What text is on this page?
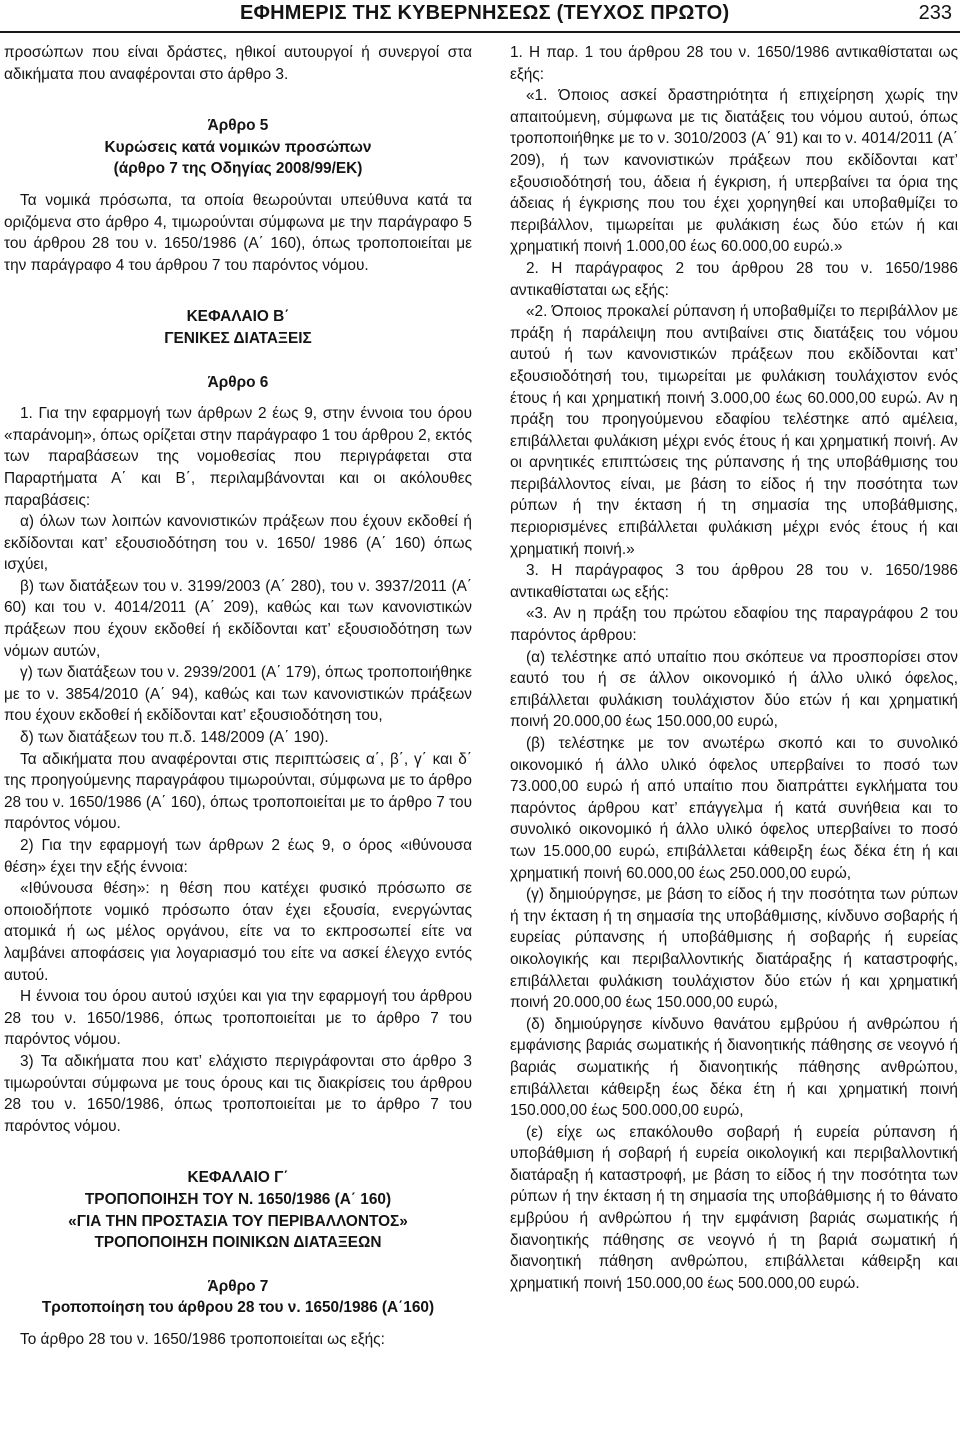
ΕΦΗΜΕΡΙΣ ΤΗΣ ΚΥΒΕΡΝΗΣΕΩΣ (ΤΕΥΧΟΣ ΠΡΩΤΟ)	233

προσώπων που είναι δράστες, ηθικοί αυτουργοί ή συνεργοί στα αδικήματα που αναφέρονται στο άρθρο 3.

Άρθρο 5

Κυρώσεις κατά νομικών προσώπων

(άρθρο 7 της Οδηγίας 2008/99/ΕΚ)

Τα νομικά πρόσωπα, τα οποία θεωρούνται υπεύθυνα κατά τα οριζόμενα στο άρθρο 4, τιμωρούνται σύμφωνα με την παράγραφο 5 του άρθρου 28 του ν. 1650/1986 (Α΄ 160), όπως τροποποιείται με την παράγραφο 4 του άρθρου 7 του παρόντος νόμου.

ΚΕΦΑΛΑΙΟ Β΄

ΓΕΝΙΚΕΣ ΔΙΑΤΑΞΕΙΣ

Άρθρο 6

1. Για την εφαρμογή των άρθρων 2 έως 9, στην έννοια του όρου «παράνομη», όπως ορίζεται στην παράγραφο 1 του άρθρου 2, εκτός των παραβάσεων της νομοθεσίας που περιγράφεται στα Παραρτήματα Α΄ και Β΄, περιλαμβάνονται και οι ακόλουθες παραβάσεις:

α) όλων των λοιπών κανονιστικών πράξεων που έχουν εκδοθεί ή εκδίδονται κατ’ εξουσιοδότηση του ν. 1650/ 1986 (Α΄ 160) όπως ισχύει,

β) των διατάξεων του ν. 3199/2003 (Α΄ 280), του ν. 3937/2011 (Α΄ 60) και του ν. 4014/2011 (Α΄ 209), καθώς και των κανονιστικών πράξεων που έχουν εκδοθεί ή εκδίδονται κατ’ εξουσιοδότηση των νόμων αυτών,

γ) των διατάξεων του ν. 2939/2001 (Α΄ 179), όπως τροποποιήθηκε με το ν. 3854/2010 (Α΄ 94), καθώς και των κανονιστικών πράξεων που έχουν εκδοθεί ή εκδίδονται κατ’ εξουσιοδότηση του,

δ) των διατάξεων του π.δ. 148/2009 (Α΄ 190).

Τα αδικήματα που αναφέρονται στις περιπτώσεις α΄, β΄, γ΄ και δ΄ της προηγούμενης παραγράφου τιμωρούνται, σύμφωνα με το άρθρο 28 του ν. 1650/1986 (Α΄ 160), όπως τροποποιείται με το άρθρο 7 του παρόντος νόμου.

2) Για την εφαρμογή των άρθρων 2 έως 9, ο όρος «ιθύνουσα θέση» έχει την εξής έννοια:

«Ιθύνουσα θέση»: η θέση που κατέχει φυσικό πρόσωπο σε οποιοδήποτε νομικό πρόσωπο όταν έχει εξουσία, ενεργώντας ατομικά ή ως μέλος οργάνου, είτε να το εκπροσωπεί είτε να λαμβάνει αποφάσεις για λογαριασμό του είτε να ασκεί έλεγχο εντός αυτού.

Η έννοια του όρου αυτού ισχύει και για την εφαρμογή του άρθρου 28 του ν. 1650/1986, όπως τροποποιείται με το άρθρο 7 του παρόντος νόμου.

3) Τα αδικήματα που κατ’ ελάχιστο περιγράφονται στο άρθρο 3 τιμωρούνται σύμφωνα με τους όρους και τις διακρίσεις του άρθρου 28 του ν. 1650/1986, όπως τροποποιείται με το άρθρο 7 του παρόντος νόμου.

ΚΕΦΑΛΑΙΟ Γ΄

ΤΡΟΠΟΠΟΙΗΣΗ ΤΟΥ Ν. 1650/1986 (Α΄ 160)

«ΓΙΑ ΤΗΝ ΠΡΟΣΤΑΣΙΑ ΤΟΥ ΠΕΡΙΒΑΛΛΟΝΤΟΣ»

ΤΡΟΠΟΠΟΙΗΣΗ ΠΟΙΝΙΚΩΝ ΔΙΑΤΑΞΕΩΝ

Άρθρο 7

Τροποποίηση του άρθρου 28 του ν. 1650/1986 (Α΄160)

Το άρθρο 28 του ν. 1650/1986 τροποποιείται ως εξής:

1. Η παρ. 1 του άρθρου 28 του ν. 1650/1986 αντικαθίσταται ως εξής:

«1. Όποιος ασκεί δραστηριότητα ή επιχείρηση χωρίς την απαιτούμενη, σύμφωνα με τις διατάξεις του νόμου αυτού, όπως τροποποιήθηκε με το ν. 3010/2003 (Α΄ 91) και το ν. 4014/2011 (Α΄ 209), ή των κανονιστικών πράξεων που εκδίδονται κατ’ εξουσιοδότησή του, άδεια ή έγκριση, ή υπερβαίνει τα όρια της άδειας ή έγκρισης που του έχει χορηγηθεί και υποβαθμίζει το περιβάλλον, τιμωρείται με φυλάκιση έως δύο ετών ή και χρηματική ποινή 1.000,00 έως 60.000,00 ευρώ.»

2. Η παράγραφος 2 του άρθρου 28 του ν. 1650/1986 αντικαθίσταται ως εξής:

«2. Όποιος προκαλεί ρύπανση ή υποβαθμίζει το περιβάλλον με πράξη ή παράλειψη που αντιβαίνει στις διατάξεις του νόμου αυτού ή των κανονιστικών πράξεων που εκδίδονται κατ’ εξουσιοδότησή του, τιμωρείται με φυλάκιση τουλάχιστον ενός έτους ή και χρηματική ποινή 3.000,00 έως 60.000,00 ευρώ. Αν η πράξη του προηγούμενου εδαφίου τελέστηκε από αμέλεια, επιβάλλεται φυλάκιση μέχρι ενός έτους ή και χρηματική ποινή. Αν οι αρνητικές επιπτώσεις της ρύπανσης ή της υποβάθμισης του περιβάλλοντος είναι, με βάση το είδος ή την ποσότητα των ρύπων ή την έκταση ή τη σημασία της υποβάθμισης, περιορισμένες επιβάλλεται φυλάκιση μέχρι ενός έτους ή και χρηματική ποινή.»

3. Η παράγραφος 3 του άρθρου 28 του ν. 1650/1986 αντικαθίσταται ως εξής:

«3. Αν η πράξη του πρώτου εδαφίου της παραγράφου 2 του παρόντος άρθρου:

(α) τελέστηκε από υπαίτιο που σκόπευε να προσπορίσει στον εαυτό του ή σε άλλον οικονομικό ή άλλο υλικό όφελος, επιβάλλεται φυλάκιση τουλάχιστον δύο ετών ή και χρηματική ποινή 20.000,00 έως 150.000,00 ευρώ,

(β) τελέστηκε με τον ανωτέρω σκοπό και το συνολικό οικονομικό ή άλλο υλικό όφελος υπερβαίνει το ποσό των 73.000,00 ευρώ ή από υπαίτιο που διαπράττει εγκλήματα του παρόντος άρθρου κατ’ επάγγελμα ή κατά συνήθεια και το συνολικό οικονομικό ή άλλο υλικό όφελος υπερβαίνει το ποσό των 15.000,00 ευρώ, επιβάλλεται κάθειρξη έως δέκα έτη ή και χρηματική ποινή 60.000,00 έως 250.000,00 ευρώ,

(γ) δημιούργησε, με βάση το είδος ή την ποσότητα των ρύπων ή την έκταση ή τη σημασία της υποβάθμισης, κίνδυνο σοβαρής ή ευρείας ρύπανσης ή υποβάθμισης ή σοβαρής ή ευρείας οικολογικής και περιβαλλοντικής διατάραξης ή καταστροφής, επιβάλλεται φυλάκιση τουλάχιστον δύο ετών ή και χρηματική ποινή 20.000,00 έως 150.000,00 ευρώ,

(δ) δημιούργησε κίνδυνο θανάτου εμβρύου ή ανθρώπου ή εμφάνισης βαριάς σωματικής ή διανοητικής πάθησης σε νεογνό ή βαριάς σωματικής ή διανοητικής πάθησης ανθρώπου, επιβάλλεται κάθειρξη έως δέκα έτη ή και χρηματική ποινή 150.000,00 έως 500.000,00 ευρώ,

(ε) είχε ως επακόλουθο σοβαρή ή ευρεία ρύπανση ή υποβάθμιση ή σοβαρή ή ευρεία οικολογική και περιβαλλοντική διατάραξη ή καταστροφή, με βάση το είδος ή την ποσότητα των ρύπων ή την έκταση ή τη σημασία της υποβάθμισης ή το θάνατο εμβρύου ή ανθρώπου ή την εμφάνιση βαριάς σωματικής ή διανοητικής πάθησης σε νεογνό ή τη βαριά σωματική ή διανοητική πάθηση ανθρώπου, επιβάλλεται κάθειρξη και χρηματική ποινή 150.000,00 έως 500.000,00 ευρώ.
